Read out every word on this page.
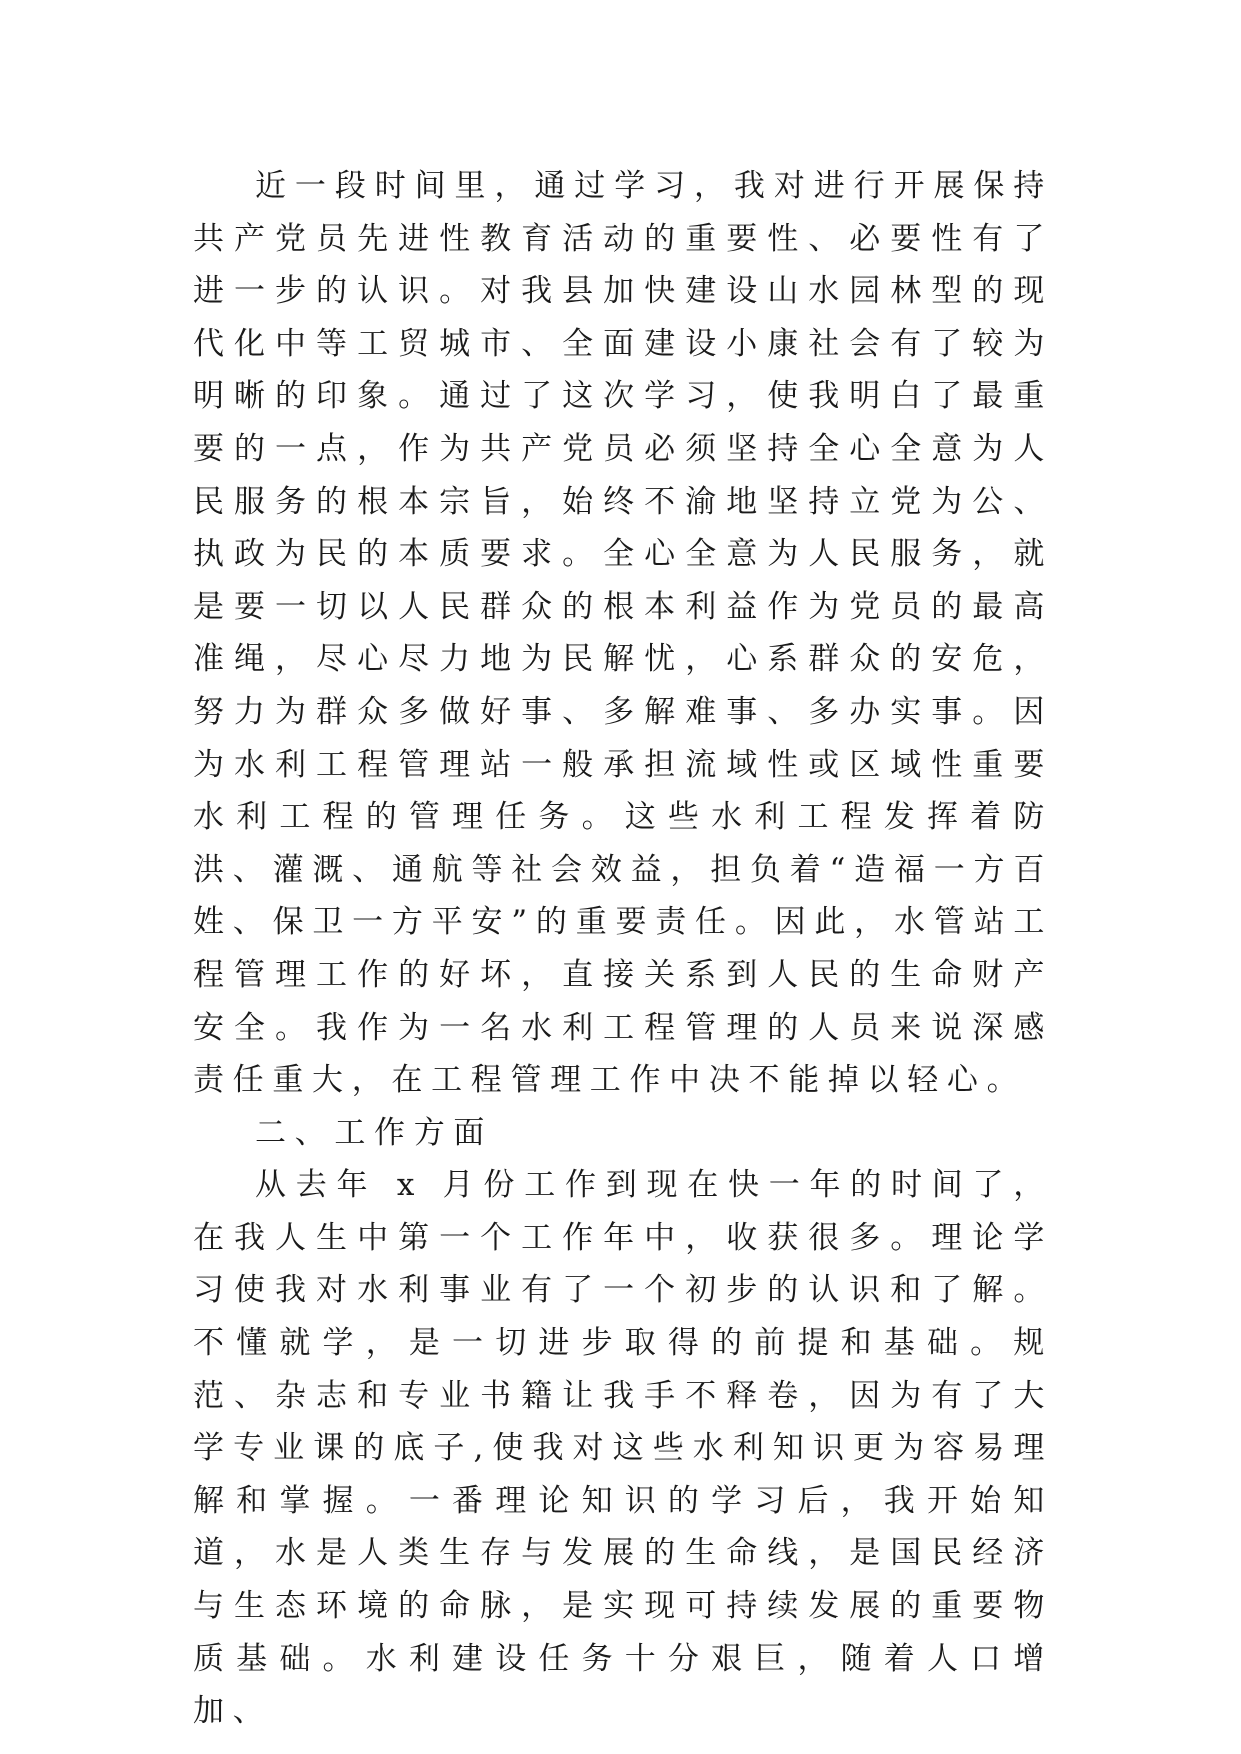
近一段时间里，通过学习，我对进行开展保持共产党员先进性教育活动的重要性、必要性有了进一步的认识。对我县加快建设山水园林型的现代化中等工贸城市、全面建设小康社会有了较为明晰的印象。通过了这次学习，使我明白了最重要的一点，作为共产党员必须坚持全心全意为人民服务的根本宗旨，始终不渝地坚持立党为公、执政为民的本质要求。全心全意为人民服务，就是要一切以人民群众的根本利益作为党员的最高准绳，尽心尽力地为民解忧，心系群众的安危，努力为群众多做好事、多解难事、多办实事。因为水利工程管理站一般承担流域性或区域性重要水利工程的管理任务。这些水利工程发挥着防洪、灌溉、通航等社会效益，担负着“造福一方百姓、保卫一方平安”的重要责任。因此，水管站工程管理工作的好坏，直接关系到人民的生命财产安全。我作为一名水利工程管理的人员来说深感责任重大，在工程管理工作中决不能掉以轻心。

二、工作方面

从去年 x 月份工作到现在快一年的时间了，在我人生中第一个工作年中，收获很多。理论学习使我对水利事业有了一个初步的认识和了解。不懂就学，是一切进步取得的前提和基础。规范、杂志和专业书籍让我手不释卷，因为有了大学专业课的底子,使我对这些水利知识更为容易理解和掌握。一番理论知识的学习后，我开始知道，水是人类生存与发展的生命线，是国民经济与生态环境的命脉，是实现可持续发展的重要物质基础。水利建设任务十分艰巨，随着人口增加、
